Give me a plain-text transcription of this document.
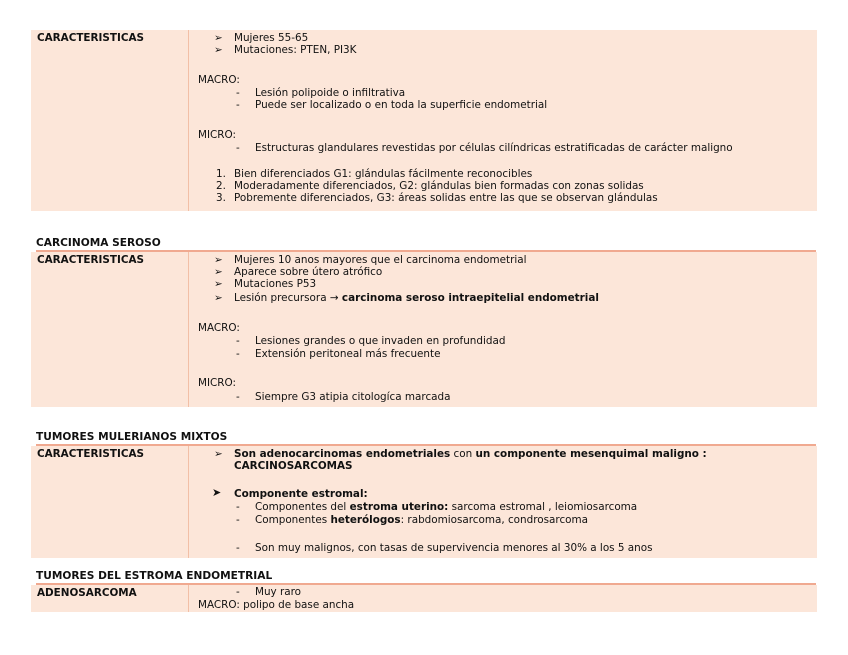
CARACTERISTICAS	➢ Mujeres 55-65
➢ Mutaciones: PTEN, PI3K
MACRO:
- Lesión polipoide o infiltrativa
- Puede ser localizado o en toda la superficie endometrial
MICRO:
- Estructuras glandulares revestidas por células cilíndricas estratificadas de carácter maligno
1. Bien diferenciados G1: glándulas fácilmente reconocibles
2. Moderadamente diferenciados, G2: glándulas bien formadas con zonas solidas
3. Pobremente diferenciados, G3: áreas solidas entre las que se observan glándulas
CARCINOMA SEROSO
CARACTERISTICAS	➢ Mujeres 10 anos mayores que el carcinoma endometrial
➢ Aparece sobre útero atrófico
➢ Mutaciones P53
➢ Lesión precursora → carcinoma seroso intraepitelial endometrial
MACRO:
- Lesiones grandes o que invaden en profundidad
- Extensión peritoneal más frecuente
MICRO:
- Siempre G3 atipia citologíca marcada
TUMORES MULERIANOS MIXTOS
CARACTERISTICAS	➢ Son adenocarcinomas endometriales con un componente mesenquimal maligno :
CARCINOSARCOMAS
➤ Componente estromal:
- Componentes del estroma uterino: sarcoma estromal , leiomiosarcoma
- Componentes heterólogos: rabdomiosarcoma, condrosarcoma
- Son muy malignos, con tasas de supervivencia menores al 30% a los 5 anos
TUMORES DEL ESTROMA ENDOMETRIAL
ADENOSARCOMA	- Muy raro
MACRO: polipo de base ancha
